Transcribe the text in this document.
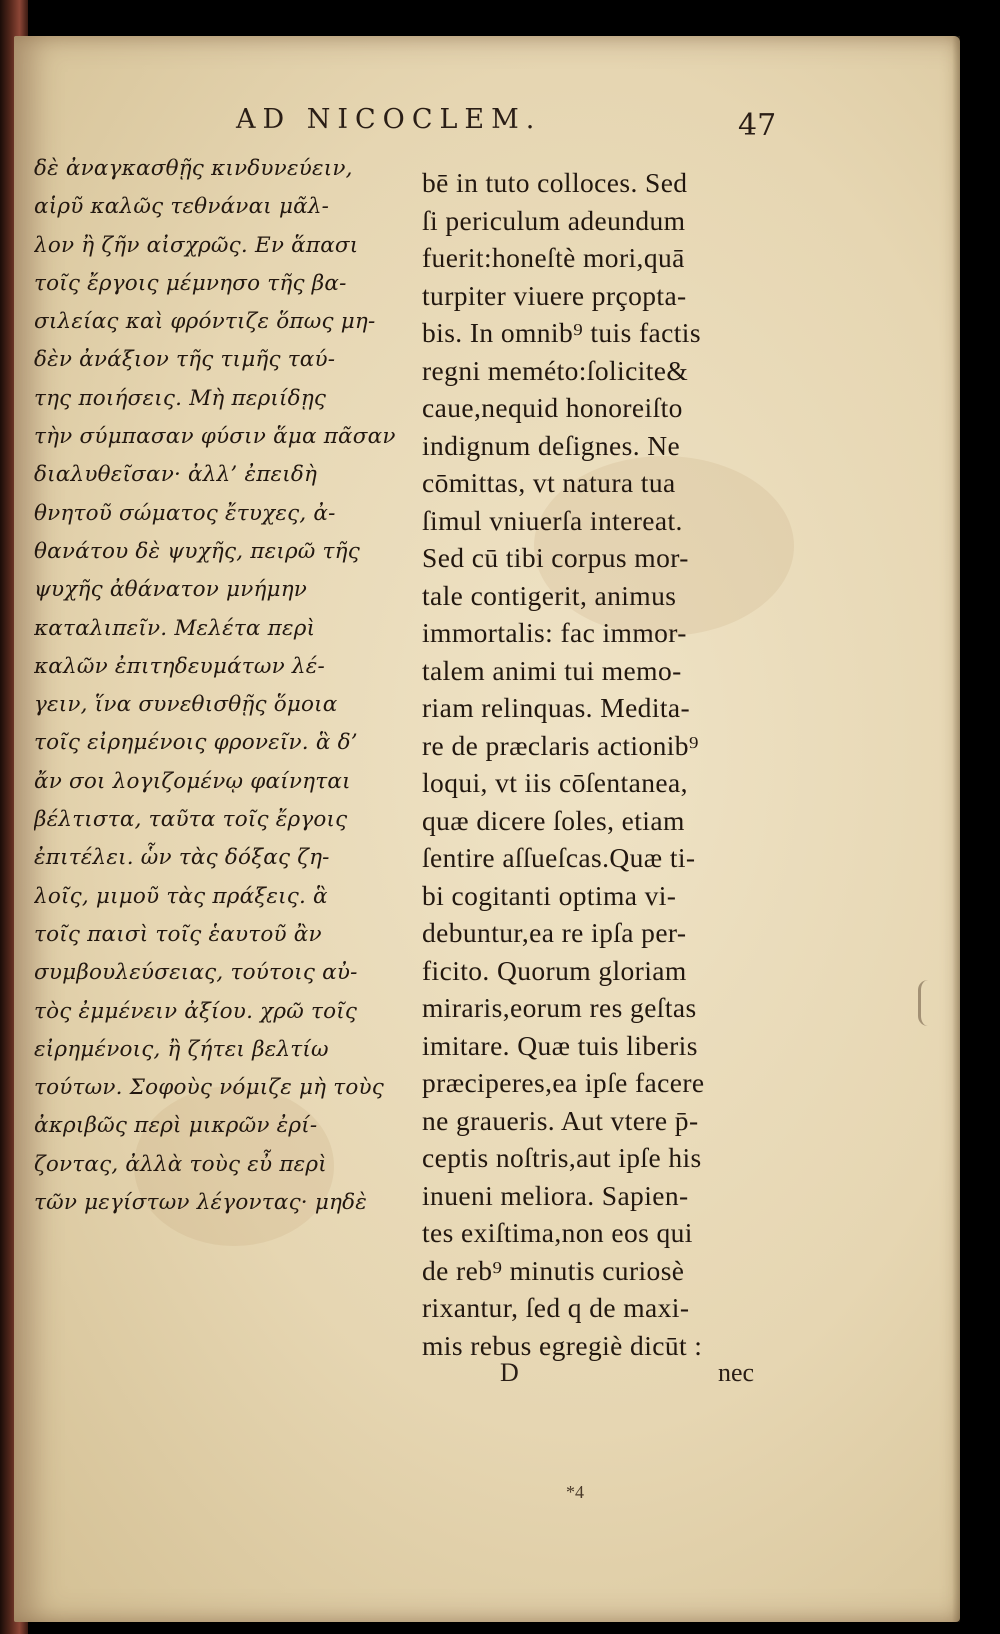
AD NICOCLEM.	47
δὲ ἀναγκασθῇς κινδυνεύειν,
αἱρῦ καλῶς τεθνάναι μᾶλ-
λον ἢ ζῆν αἰσχρῶς. Εν ἅπασι
τοῖς ἔργοις μέμνησο τῆς βα-
σιλείας καὶ φρόντιζε ὅπως μη-
δὲν ἀνάξιον τῆς τιμῆς ταύ-
της ποιήσεις. Μὴ περιίδῃς
τὴν σύμπασαν φύσιν ἅμα πᾶσαν
διαλυθεῖσαν· ἀλλ’ ἐπειδὴ
θνητοῦ σώματος ἔτυχες, ἀ-
θανάτου δὲ ψυχῆς, πειρῶ τῆς
ψυχῆς ἀθάνατον μνήμην
καταλιπεῖν. Μελέτα περὶ
καλῶν ἐπιτηδευμάτων λέ-
γειν, ἵνα συνεθισθῇς ὅμοια
τοῖς εἰρημένοις φρονεῖν. ἃ δ’
ἄν σοι λογιζομένῳ φαίνηται
βέλτιστα, ταῦτα τοῖς ἔργοις
ἐπιτέλει. ὧν τὰς δόξας ζη-
λοῖς, μιμοῦ τὰς πράξεις. ἃ
τοῖς παισὶ τοῖς ἑαυτοῦ ἂν
συμβουλεύσειας, τούτοις αὐ-
τὸς ἐμμένειν ἀξίου. χρῶ τοῖς
εἰρημένοις, ἢ ζήτει βελτίω
τούτων. Σοφοὺς νόμιζε μὴ τοὺς
ἀκριβῶς περὶ μικρῶν ἐρί-
ζοντας, ἀλλὰ τοὺς εὖ περὶ
τῶν μεγίστων λέγοντας· μηδὲ
bē in tuto colloces. Sed
ſi periculum adeundum
fuerit:honeſtè mori,quā
turpiter viuere prçopta-
bis. In omnib⁹ tuis factis
regni meméto:ſolicite&
caue,nequid honoreiſto
indignum deſignes. Ne
cōmittas, vt natura tua
ſimul vniuerſa intereat.
Sed cū tibi corpus mor-
tale contigerit, animus
immortalis: fac immor-
talem animi tui memo-
riam relinquas. Medita-
re de præclaris actionib⁹
loqui, vt iis cōſentanea,
quæ dicere ſoles, etiam
ſentire aſſueſcas.Quæ ti-
bi cogitanti optima vi-
debuntur,ea re ipſa per-
ficito. Quorum gloriam
miraris,eorum res geſtas
imitare. Quæ tuis liberis
præciperes,ea ipſe facere
ne graueris. Aut vtere p̄-
ceptis noſtris,aut ipſe his
inueni meliora. Sapien-
tes exiſtima,non eos qui
de reb⁹ minutis curiosè
rixantur, ſed q de maxi-
mis rebus egregiè dicūt :
D	nec
*4
